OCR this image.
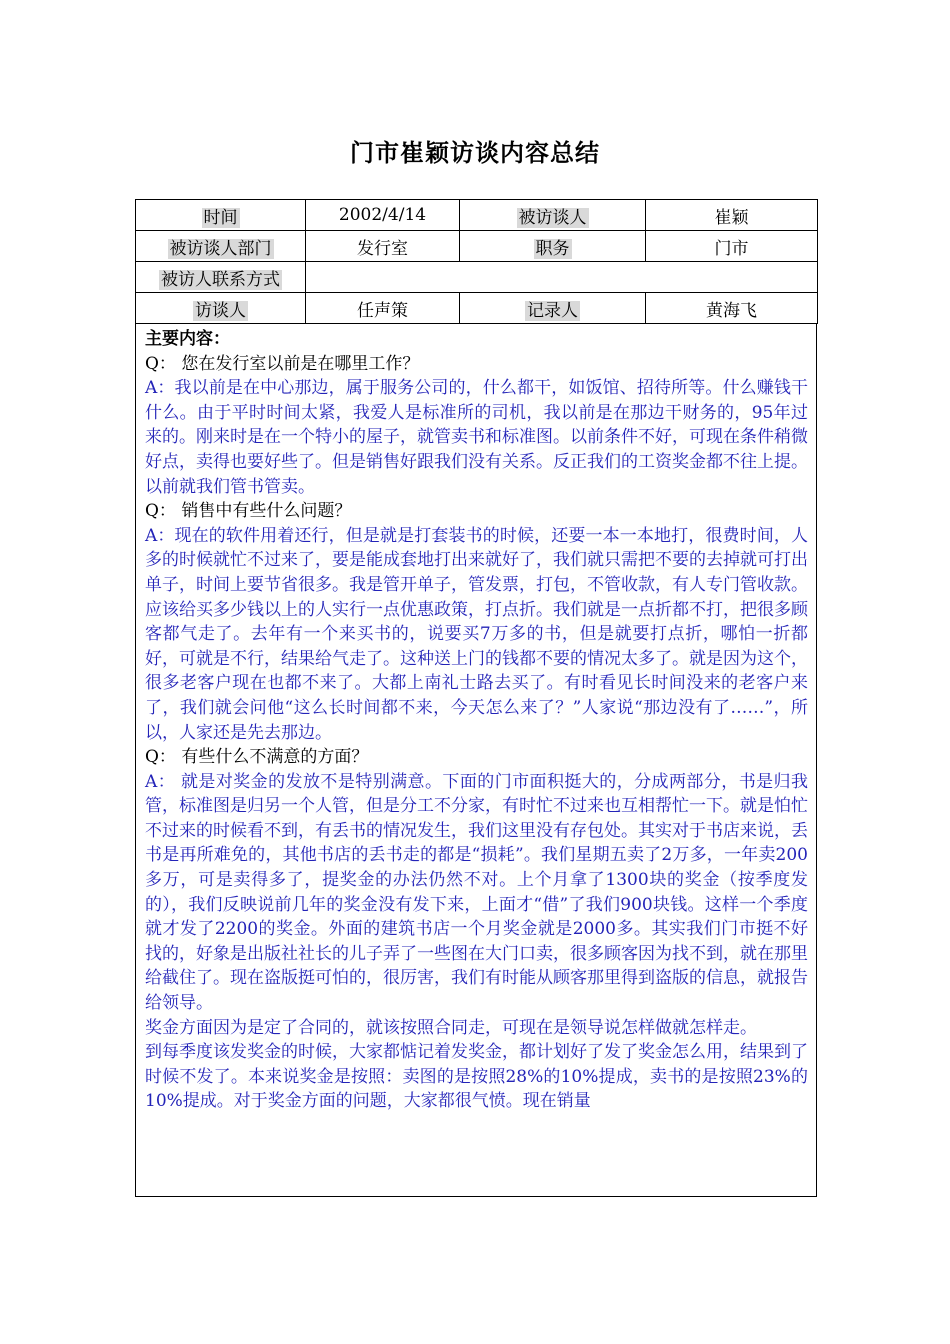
门市崔颖访谈内容总结
时间	2002/4/14	被访谈人	崔颖
被访谈人部门	发行室	职务	门市
被访人联系方式			
访谈人	任声策	记录人	黄海飞

主要内容：

Q： 您在发行室以前是在哪里工作？

A：我以前是在中心那边，属于服务公司的，什么都干，如饭馆、招待所等。什么赚钱干什么。由于平时时间太紧，我爱人是标准所的司机，我以前是在那边干财务的，95年过来的。刚来时是在一个特小的屋子，就管卖书和标准图。以前条件不好，可现在条件稍微好点，卖得也要好些了。但是销售好跟我们没有关系。反正我们的工资奖金都不往上提。以前就我们管书管卖。

Q： 销售中有些什么问题？

A：现在的软件用着还行，但是就是打套装书的时候，还要一本一本地打，很费时间，人多的时候就忙不过来了，要是能成套地打出来就好了，我们就只需把不要的去掉就可打出单子，时间上要节省很多。我是管开单子，管发票，打包，不管收款，有人专门管收款。

应该给买多少钱以上的人实行一点优惠政策，打点折。我们就是一点折都不打，把很多顾客都气走了。去年有一个来买书的，说要买7万多的书，但是就要打点折，哪怕一折都好，可就是不行，结果给气走了。这种送上门的钱都不要的情况太多了。就是因为这个，很多老客户现在也都不来了。大都上南礼士路去买了。有时看见长时间没来的老客户来了，我们就会问他“这么长时间都不来，今天怎么来了？”人家说“那边没有了……”，所以，人家还是先去那边。

Q： 有些什么不满意的方面？

A： 就是对奖金的发放不是特别满意。下面的门市面积挺大的，分成两部分，书是归我管，标准图是归另一个人管，但是分工不分家，有时忙不过来也互相帮忙一下。就是怕忙不过来的时候看不到，有丢书的情况发生，我们这里没有存包处。其实对于书店来说，丢书是再所难免的，其他书店的丢书走的都是“损耗”。我们星期五卖了2万多，一年卖200多万，可是卖得多了，提奖金的办法仍然不对。上个月拿了1300块的奖金（按季度发的），我们反映说前几年的奖金没有发下来，上面才“借”了我们900块钱。这样一个季度就才发了2200的奖金。外面的建筑书店一个月奖金就是2000多。其实我们门市挺不好找的，好象是出版社社长的儿子弄了一些图在大门口卖，很多顾客因为找不到，就在那里给截住了。现在盗版挺可怕的，很厉害，我们有时能从顾客那里得到盗版的信息，就报告给领导。

奖金方面因为是定了合同的，就该按照合同走，可现在是领导说怎样做就怎样走。

到每季度该发奖金的时候，大家都惦记着发奖金，都计划好了发了奖金怎么用，结果到了时候不发了。本来说奖金是按照：卖图的是按照28%的10%提成，卖书的是按照23%的10%提成。对于奖金方面的问题，大家都很气愤。现在销量
